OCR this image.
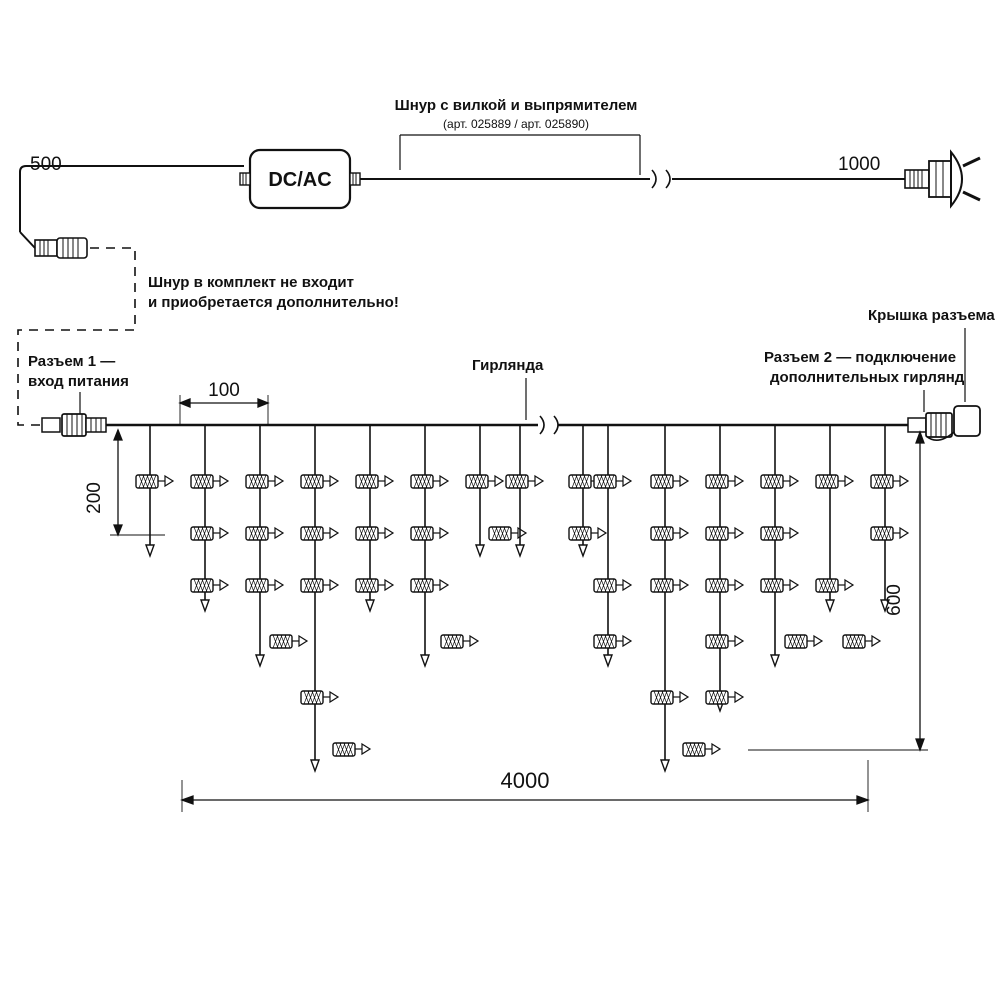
DC/AC
Шнур с вилкой и выпрямителем
(арт. 025889 / арт. 025890)
500	1000
Шнур в комплект не входит
и приобретается дополнительно!
Разъем 1 —
вход питания
Крышка разъема
Разъем 2 — подключение
дополнительных гирлянд
Гирлянда
100
200
600
4000
